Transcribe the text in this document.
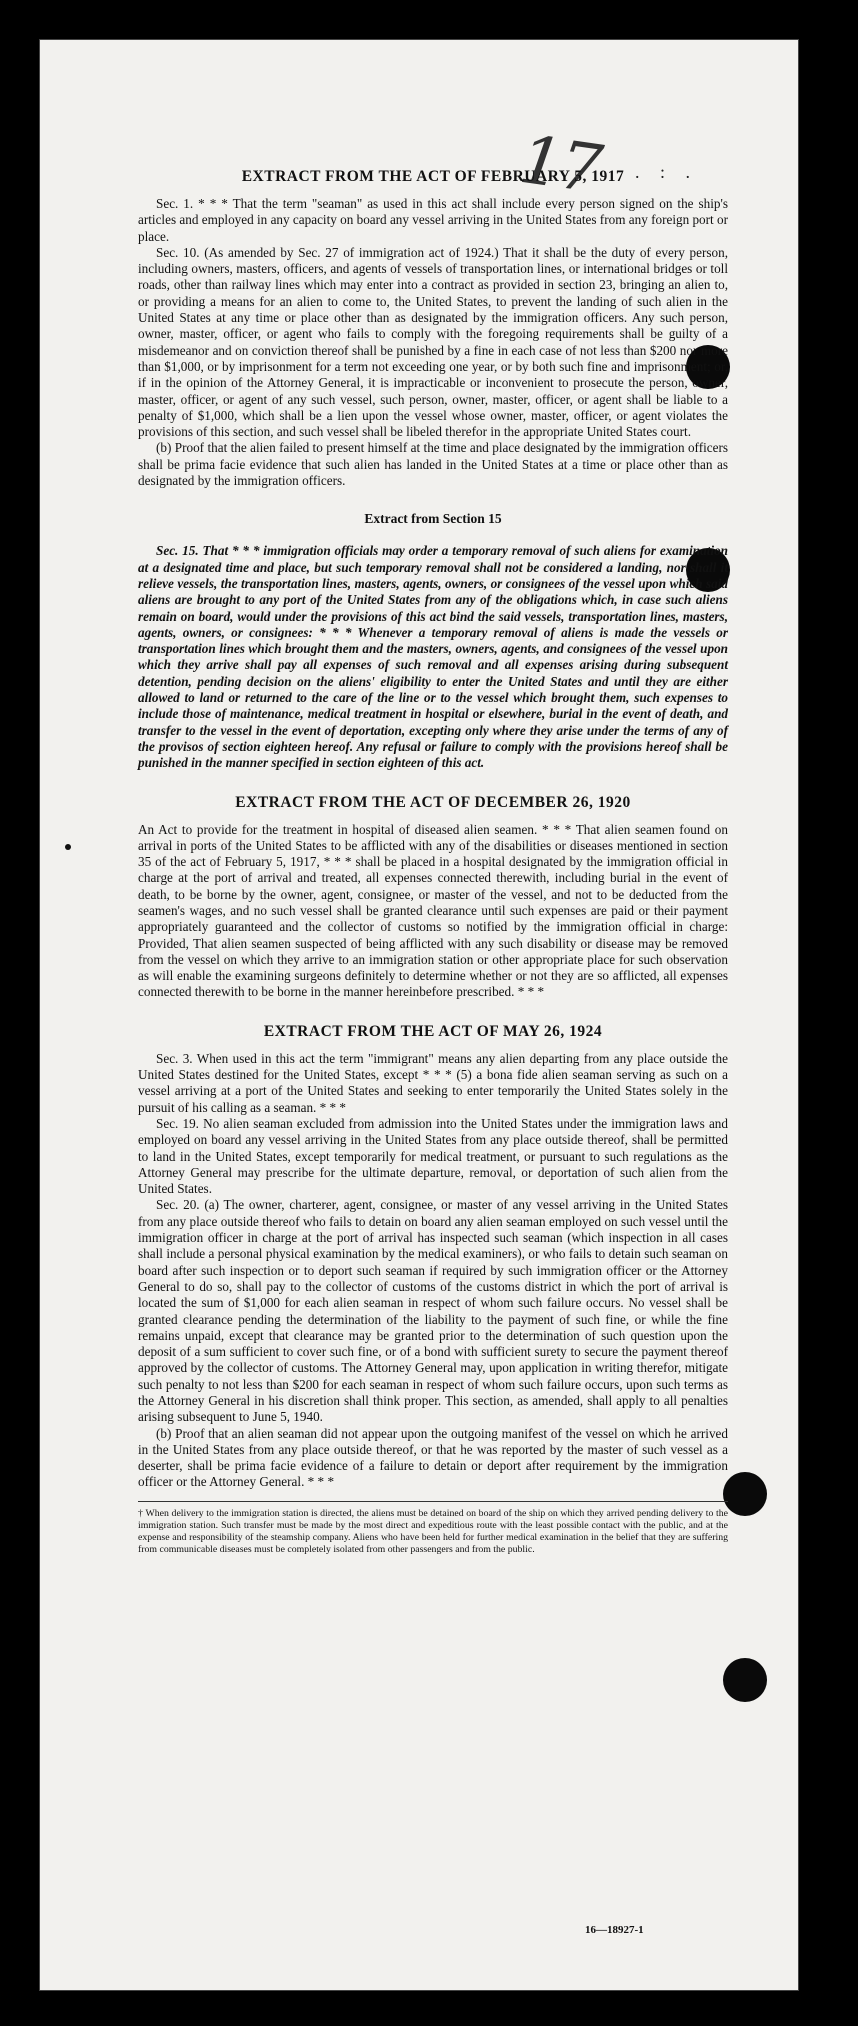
17 . : .
EXTRACT FROM THE ACT OF FEBRUARY 5, 1917

Sec. 1. * * * That the term "seaman" as used in this act shall include every person signed on the ship's articles and employed in any capacity on board any vessel arriving in the United States from any foreign port or place.

Sec. 10. (As amended by Sec. 27 of immigration act of 1924.) That it shall be the duty of every person, including owners, masters, officers, and agents of vessels of transportation lines, or international bridges or toll roads, other than railway lines which may enter into a contract as provided in section 23, bringing an alien to, or providing a means for an alien to come to, the United States, to prevent the landing of such alien in the United States at any time or place other than as designated by the immigration officers. Any such person, owner, master, officer, or agent who fails to comply with the foregoing requirements shall be guilty of a misdemeanor and on conviction thereof shall be punished by a fine in each case of not less than $200 nor more than $1,000, or by imprisonment for a term not exceeding one year, or by both such fine and imprisonment; or, if in the opinion of the Attorney General, it is impracticable or inconvenient to prosecute the person, owner, master, officer, or agent of any such vessel, such person, owner, master, officer, or agent shall be liable to a penalty of $1,000, which shall be a lien upon the vessel whose owner, master, officer, or agent violates the provisions of this section, and such vessel shall be libeled therefor in the appropriate United States court.

(b) Proof that the alien failed to present himself at the time and place designated by the immigration officers shall be prima facie evidence that such alien has landed in the United States at a time or place other than as designated by the immigration officers.

Extract from Section 15

Sec. 15. That * * * immigration officials may order a temporary removal of such aliens for examination at a designated time and place, but such temporary removal shall not be considered a landing, nor shall it relieve vessels, the transportation lines, masters, agents, owners, or consignees of the vessel upon which said aliens are brought to any port of the United States from any of the obligations which, in case such aliens remain on board, would under the provisions of this act bind the said vessels, transportation lines, masters, agents, owners, or consignees: * * * Whenever a temporary removal of aliens is made the vessels or transportation lines which brought them and the masters, owners, agents, and consignees of the vessel upon which they arrive shall pay all expenses of such removal and all expenses arising during subsequent detention, pending decision on the aliens' eligibility to enter the United States and until they are either allowed to land or returned to the care of the line or to the vessel which brought them, such expenses to include those of maintenance, medical treatment in hospital or elsewhere, burial in the event of death, and transfer to the vessel in the event of deportation, excepting only where they arise under the terms of any of the provisos of section eighteen hereof. Any refusal or failure to comply with the provisions hereof shall be punished in the manner specified in section eighteen of this act.

EXTRACT FROM THE ACT OF DECEMBER 26, 1920

An Act to provide for the treatment in hospital of diseased alien seamen. * * * That alien seamen found on arrival in ports of the United States to be afflicted with any of the disabilities or diseases mentioned in section 35 of the act of February 5, 1917, * * * shall be placed in a hospital designated by the immigration official in charge at the port of arrival and treated, all expenses connected therewith, including burial in the event of death, to be borne by the owner, agent, consignee, or master of the vessel, and not to be deducted from the seamen's wages, and no such vessel shall be granted clearance until such expenses are paid or their payment appropriately guaranteed and the collector of customs so notified by the immigration official in charge: Provided, That alien seamen suspected of being afflicted with any such disability or disease may be removed from the vessel on which they arrive to an immigration station or other appropriate place for such observation as will enable the examining surgeons definitely to determine whether or not they are so afflicted, all expenses connected therewith to be borne in the manner hereinbefore prescribed. * * *

EXTRACT FROM THE ACT OF MAY 26, 1924

Sec. 3. When used in this act the term "immigrant" means any alien departing from any place outside the United States destined for the United States, except * * * (5) a bona fide alien seaman serving as such on a vessel arriving at a port of the United States and seeking to enter temporarily the United States solely in the pursuit of his calling as a seaman. * * *

Sec. 19. No alien seaman excluded from admission into the United States under the immigration laws and employed on board any vessel arriving in the United States from any place outside thereof, shall be permitted to land in the United States, except temporarily for medical treatment, or pursuant to such regulations as the Attorney General may prescribe for the ultimate departure, removal, or deportation of such alien from the United States.

Sec. 20. (a) The owner, charterer, agent, consignee, or master of any vessel arriving in the United States from any place outside thereof who fails to detain on board any alien seaman employed on such vessel until the immigration officer in charge at the port of arrival has inspected such seaman (which inspection in all cases shall include a personal physical examination by the medical examiners), or who fails to detain such seaman on board after such inspection or to deport such seaman if required by such immigration officer or the Attorney General to do so, shall pay to the collector of customs of the customs district in which the port of arrival is located the sum of $1,000 for each alien seaman in respect of whom such failure occurs. No vessel shall be granted clearance pending the determination of the liability to the payment of such fine, or while the fine remains unpaid, except that clearance may be granted prior to the determination of such question upon the deposit of a sum sufficient to cover such fine, or of a bond with sufficient surety to secure the payment thereof approved by the collector of customs. The Attorney General may, upon application in writing therefor, mitigate such penalty to not less than $200 for each seaman in respect of whom such failure occurs, upon such terms as the Attorney General in his discretion shall think proper. This section, as amended, shall apply to all penalties arising subsequent to June 5, 1940.

(b) Proof that an alien seaman did not appear upon the outgoing manifest of the vessel on which he arrived in the United States from any place outside thereof, or that he was reported by the master of such vessel as a deserter, shall be prima facie evidence of a failure to detain or deport after requirement by the immigration officer or the Attorney General. * * *

† When delivery to the immigration station is directed, the aliens must be detained on board of the ship on which they arrived pending delivery to the immigration station. Such transfer must be made by the most direct and expeditious route with the least possible contact with the public, and at the expense and responsibility of the steamship company. Aliens who have been held for further medical examination in the belief that they are suffering from communicable diseases must be completely isolated from other passengers and from the public.
16—18927-1
